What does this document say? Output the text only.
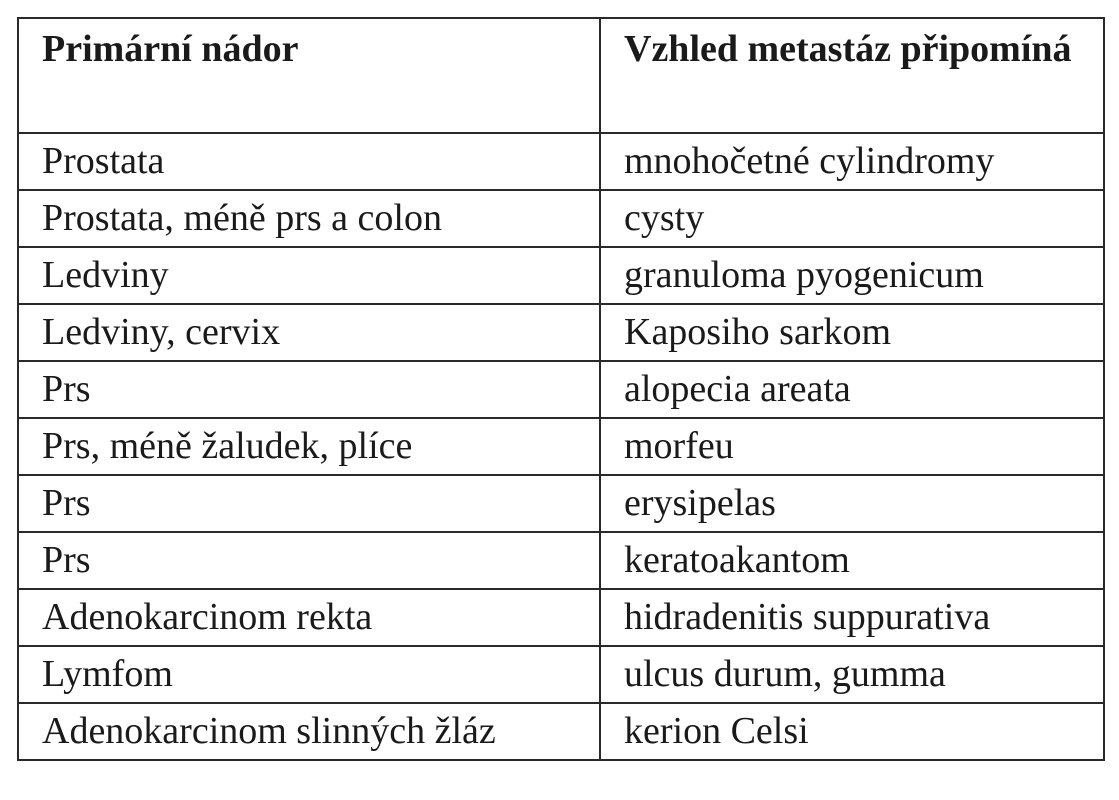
Primární nádor	Vzhled metastáz připomíná
Prostata	mnohočetné cylindromy
Prostata, méně prs a colon	cysty
Ledviny	granuloma pyogenicum
Ledviny, cervix	Kaposiho sarkom
Prs	alopecia areata
Prs, méně žaludek, plíce	morfeu
Prs	erysipelas
Prs	keratoakantom
Adenokarcinom rekta	hidradenitis suppurativa
Lymfom	ulcus durum, gumma
Adenokarcinom slinných žláz	kerion Celsi
